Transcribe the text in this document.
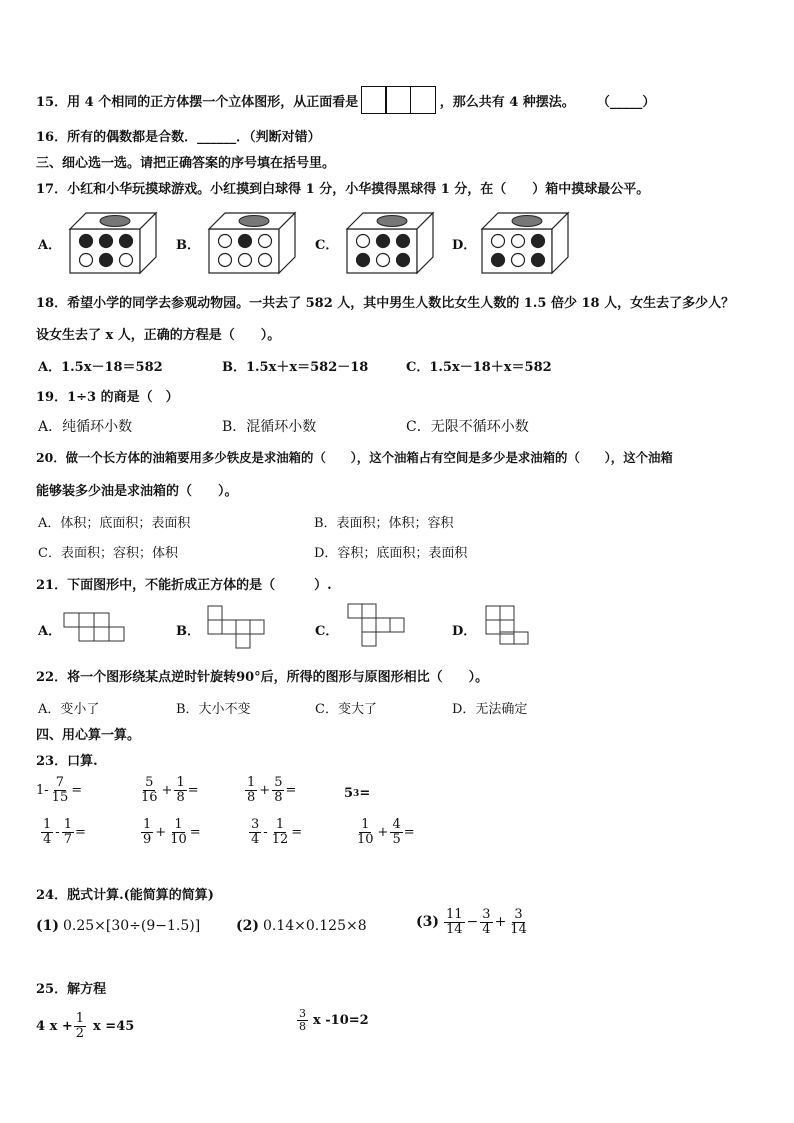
15．用 4 个相同的正方体摆一个立体图形，从正面看是	，那么共有 4 种摆法。 （_____）
16．所有的偶数都是合数．______．（判断对错）
三、细心选一选。请把正确答案的序号填在括号里。
17．小红和小华玩摸球游戏。小红摸到白球得 1 分，小华摸得黑球得 1 分，在（　　）箱中摸球最公平。
A．	B．	C．	D．
18．希望小学的同学去参观动物园。一共去了 582 人，其中男生人数比女生人数的 1.5 倍少 18 人，女生去了多少人？
设女生去了 x 人，正确的方程是（　　）。
A．1.5x－18＝582	B．1.5x＋x＝582－18	C．1.5x－18＋x＝582
19．1÷3 的商是（　）
A．纯循环小数	B．混循环小数	C．无限不循环小数
20．做一个长方体的油箱要用多少铁皮是求油箱的（　　），这个油箱占有空间是多少是求油箱的（　　），这个油箱
能够装多少油是求油箱的（　　）。
A．体积；底面积；表面积	B．表面积；体积；容积
C．表面积；容积；体积	D．容积；底面积；表面积
21．下面图形中，不能折成正方体的是（　　　）.
A．	B．	C．	D．
22．将一个图形绕某点逆时针旋转90°后，所得的图形与原图形相比（　　）。
A．变小了	B．大小不变	C．变大了	D．无法确定
四、用心算一算。
23．口算.
$1- \frac{7}{15}$ =	$\frac{5}{16} + \frac{1}{8}$ =	$\frac{1}{8} + \frac{5}{8}$ =	5 3 =
$\frac{1}{4} - \frac{1}{7}$ =	$\frac{1}{9} + \frac{1}{10}$ =	$\frac{3}{4} - \frac{1}{12}$ =	$\frac{1}{10} + \frac{4}{5}$ =
24．脱式计算.(能简算的简算)
(1) 0.25×[30÷(9−1.5)]	(2) 0.14×0.125×8	$(3) \frac{11}{14} - \frac{3}{4} + \frac{3}{14}$
25．解方程
4 $x + \frac{1}{2}$ x =45	$\frac{3}{8}$ x -10=2
